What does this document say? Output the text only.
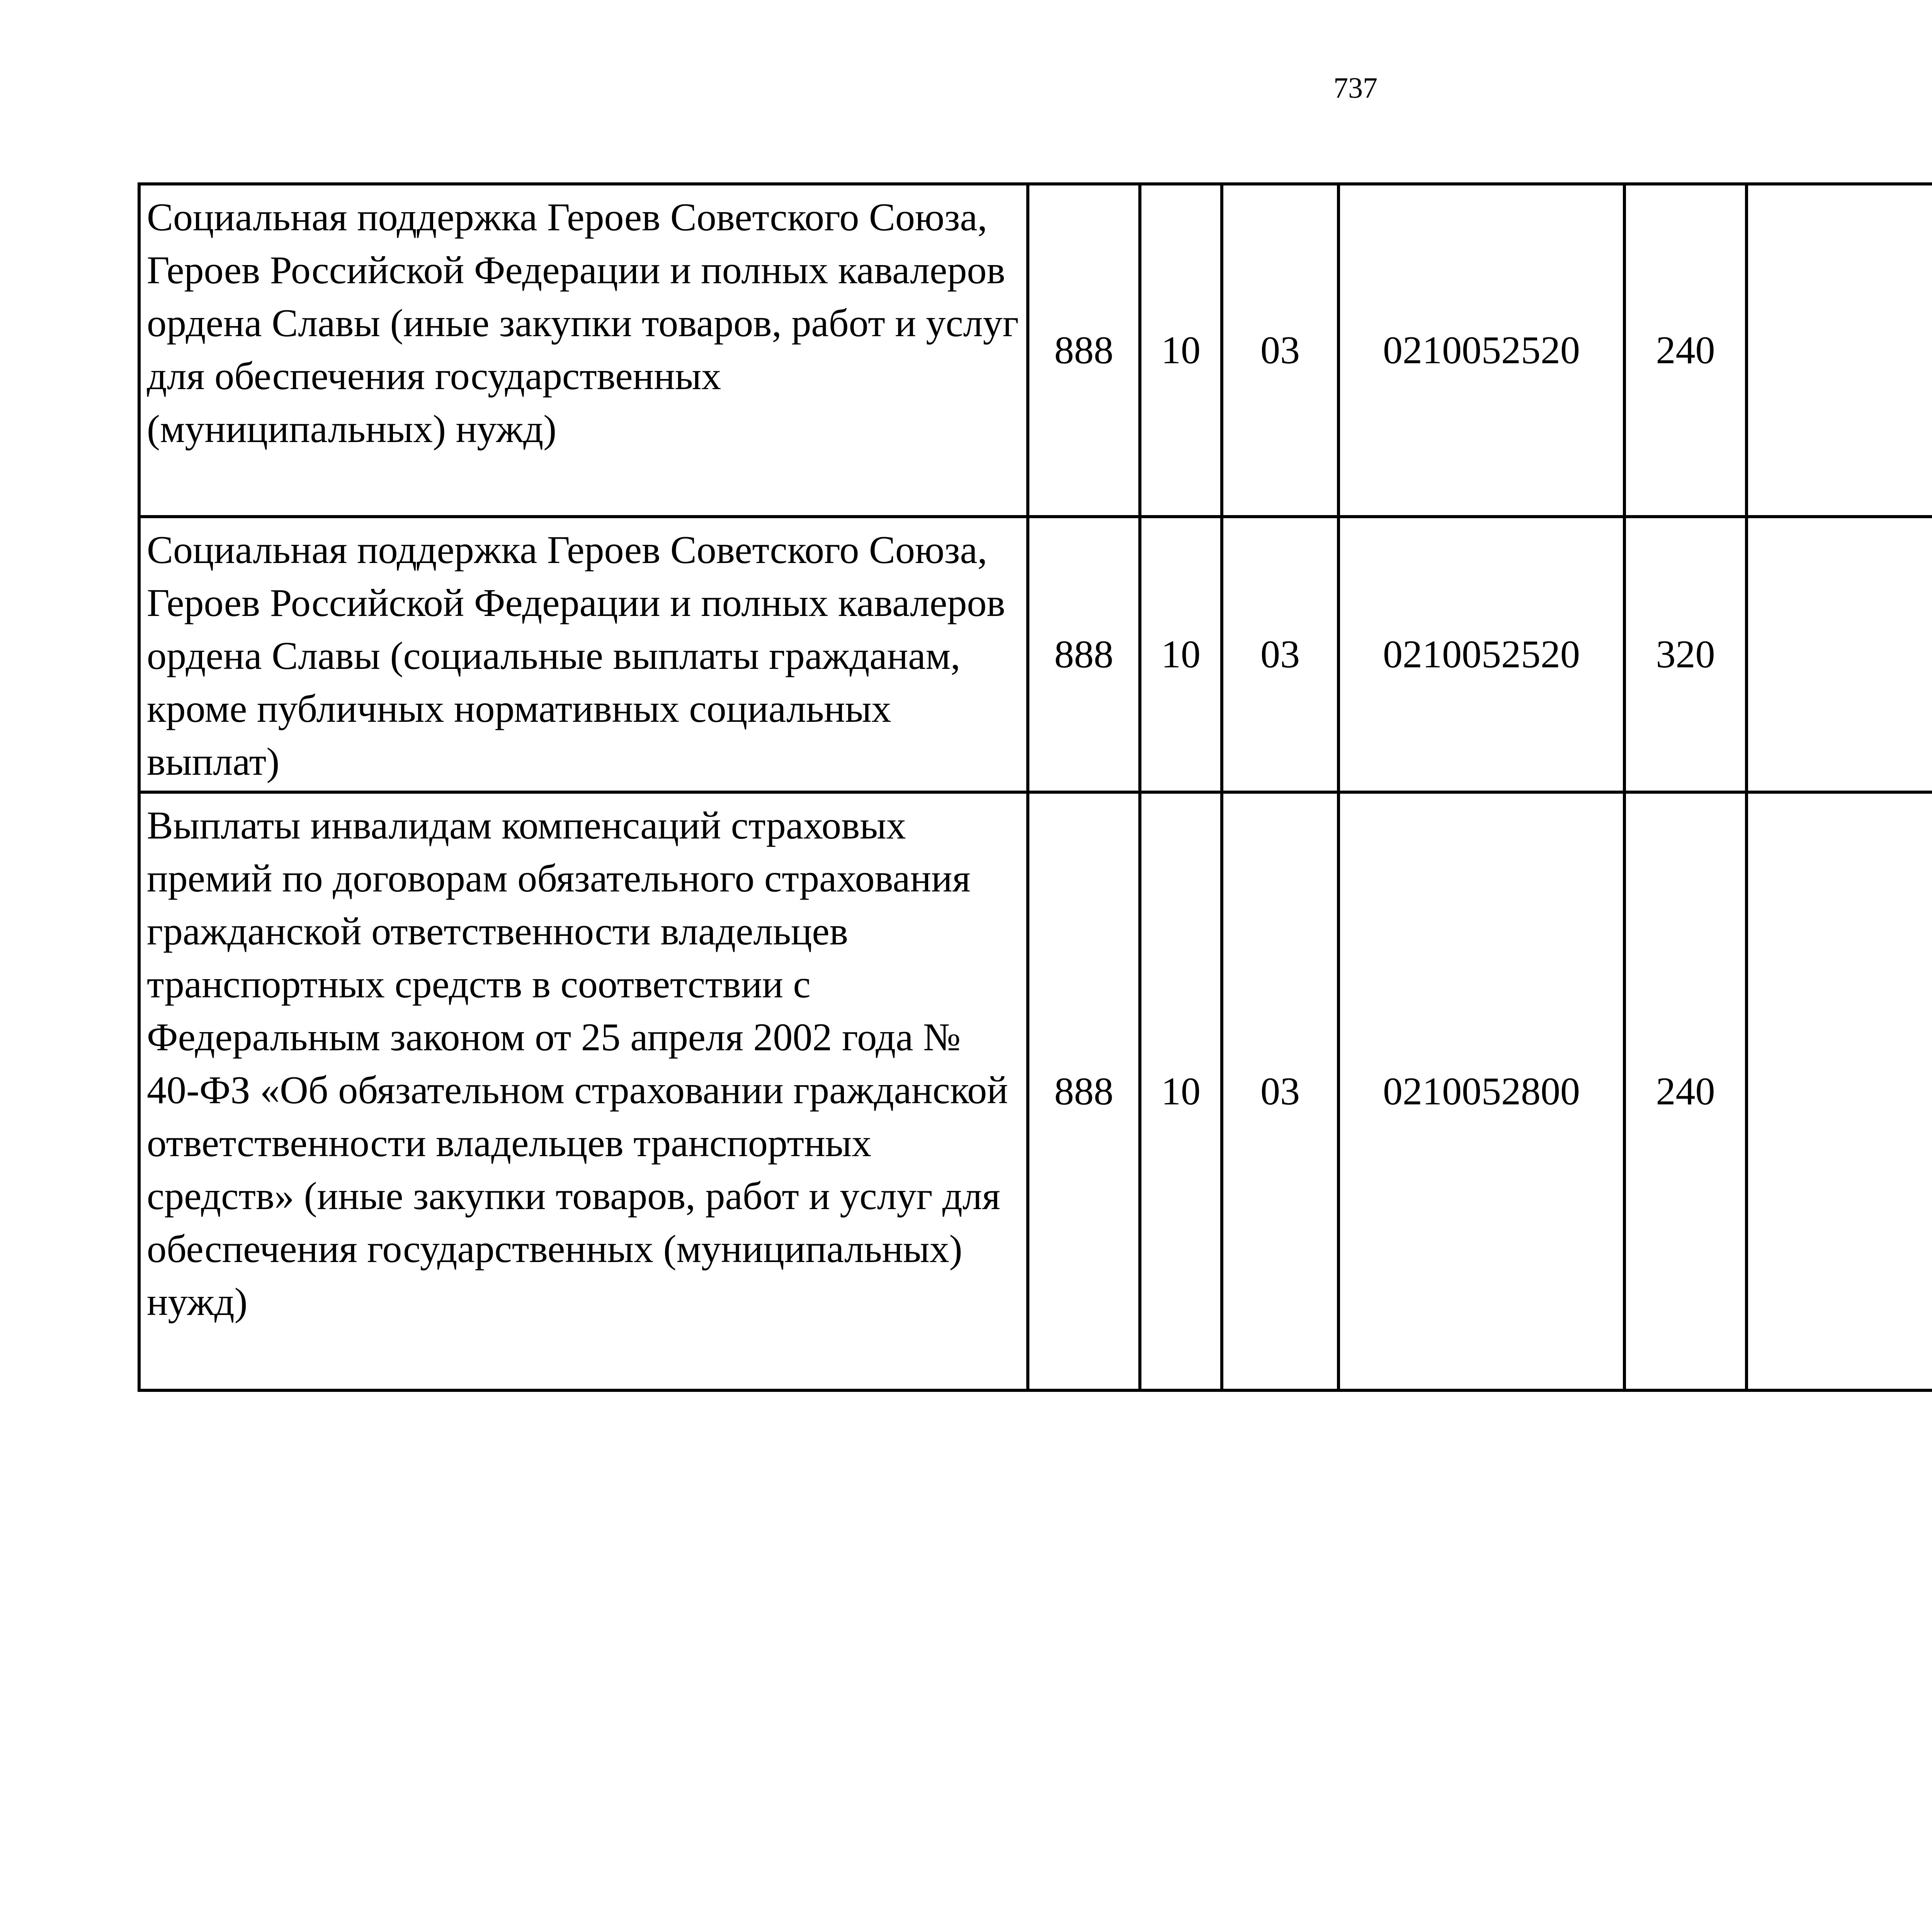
737
Социальная поддержка Героев Советского Союза, Героев Российской Федерации и полных кавалеров ордена Славы (иные закупки товаров, работ и услуг для обеспечения государственных (муниципальных) нужд)	888	10	03	0210052520	240			
Социальная поддержка Героев Советского Союза, Героев Российской Федерации и полных кавалеров ордена Славы (социальные выплаты гражданам, кроме публичных нормативных социальных выплат)	888	10	03	0210052520	320			
Выплаты инвалидам компенсаций страховых премий по договорам обязательного страхования гражданской ответственности владельцев транспортных средств в соответствии с Федеральным законом от 25 апреля 2002 года № 40-ФЗ «Об обязательном страховании гражданской ответственности владельцев транспортных средств» (иные закупки товаров, работ и услуг для обеспечения государственных (муниципальных) нужд)	888	10	03	0210052800	240			
